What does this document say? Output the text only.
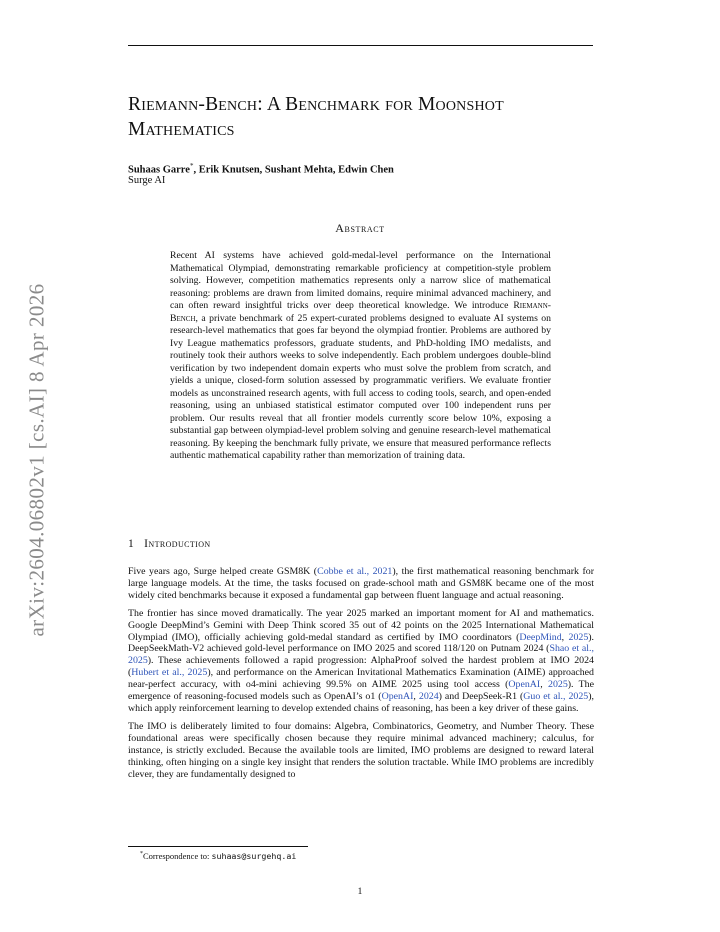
Riemann-Bench: A Benchmark for Moonshot Mathematics
Suhaas Garre*, Erik Knutsen, Sushant Mehta, Edwin Chen
Surge AI
Abstract
Recent AI systems have achieved gold-medal-level performance on the International Mathematical Olympiad, demonstrating remarkable proficiency at competition-style problem solving. However, competition mathematics represents only a narrow slice of mathematical reasoning: problems are drawn from limited domains, require minimal advanced machinery, and can often reward insightful tricks over deep theoretical knowledge. We introduce Riemann-Bench, a private benchmark of 25 expert-curated problems designed to evaluate AI systems on research-level mathematics that goes far beyond the olympiad frontier. Problems are authored by Ivy League mathematics professors, graduate students, and PhD-holding IMO medalists, and routinely took their authors weeks to solve independently. Each problem undergoes double-blind verification by two independent domain experts who must solve the problem from scratch, and yields a unique, closed-form solution assessed by programmatic verifiers. We evaluate frontier models as unconstrained research agents, with full access to coding tools, search, and open-ended reasoning, using an unbiased statistical estimator computed over 100 independent runs per problem. Our results reveal that all frontier models currently score below 10%, exposing a substantial gap between olympiad-level problem solving and genuine research-level mathematical reasoning. By keeping the benchmark fully private, we ensure that measured performance reflects authentic mathematical capability rather than memorization of training data.
arXiv:2604.06802v1 [cs.AI] 8 Apr 2026	1 Introduction

Five years ago, Surge helped create GSM8K (Cobbe et al., 2021), the first mathematical reasoning benchmark for large language models. At the time, the tasks focused on grade-school math and GSM8K became one of the most widely cited benchmarks because it exposed a fundamental gap between fluent language and actual reasoning.

The frontier has since moved dramatically. The year 2025 marked an important moment for AI and mathematics. Google DeepMind’s Gemini with Deep Think scored 35 out of 42 points on the 2025 International Mathematical Olympiad (IMO), officially achieving gold-medal standard as certified by IMO coordinators (DeepMind, 2025). DeepSeekMath-V2 achieved gold-level performance on IMO 2025 and scored 118/120 on Putnam 2024 (Shao et al., 2025). These achievements followed a rapid progression: AlphaProof solved the hardest problem at IMO 2024 (Hubert et al., 2025), and performance on the American Invitational Mathematics Examination (AIME) approached near-perfect accuracy, with o4-mini achieving 99.5% on AIME 2025 using tool access (OpenAI, 2025). The emergence of reasoning-focused models such as OpenAI’s o1 (OpenAI, 2024) and DeepSeek-R1 (Guo et al., 2025), which apply reinforcement learning to develop extended chains of reasoning, has been a key driver of these gains.

The IMO is deliberately limited to four domains: Algebra, Combinatorics, Geometry, and Number Theory. These foundational areas were specifically chosen because they require minimal advanced machinery; calculus, for instance, is strictly excluded. Because the available tools are limited, IMO problems are designed to reward lateral thinking, often hinging on a single key insight that renders the solution tractable. While IMO problems are incredibly clever, they are fundamentally designed to

*Correspondence to: suhaas@surgehq.ai
1
